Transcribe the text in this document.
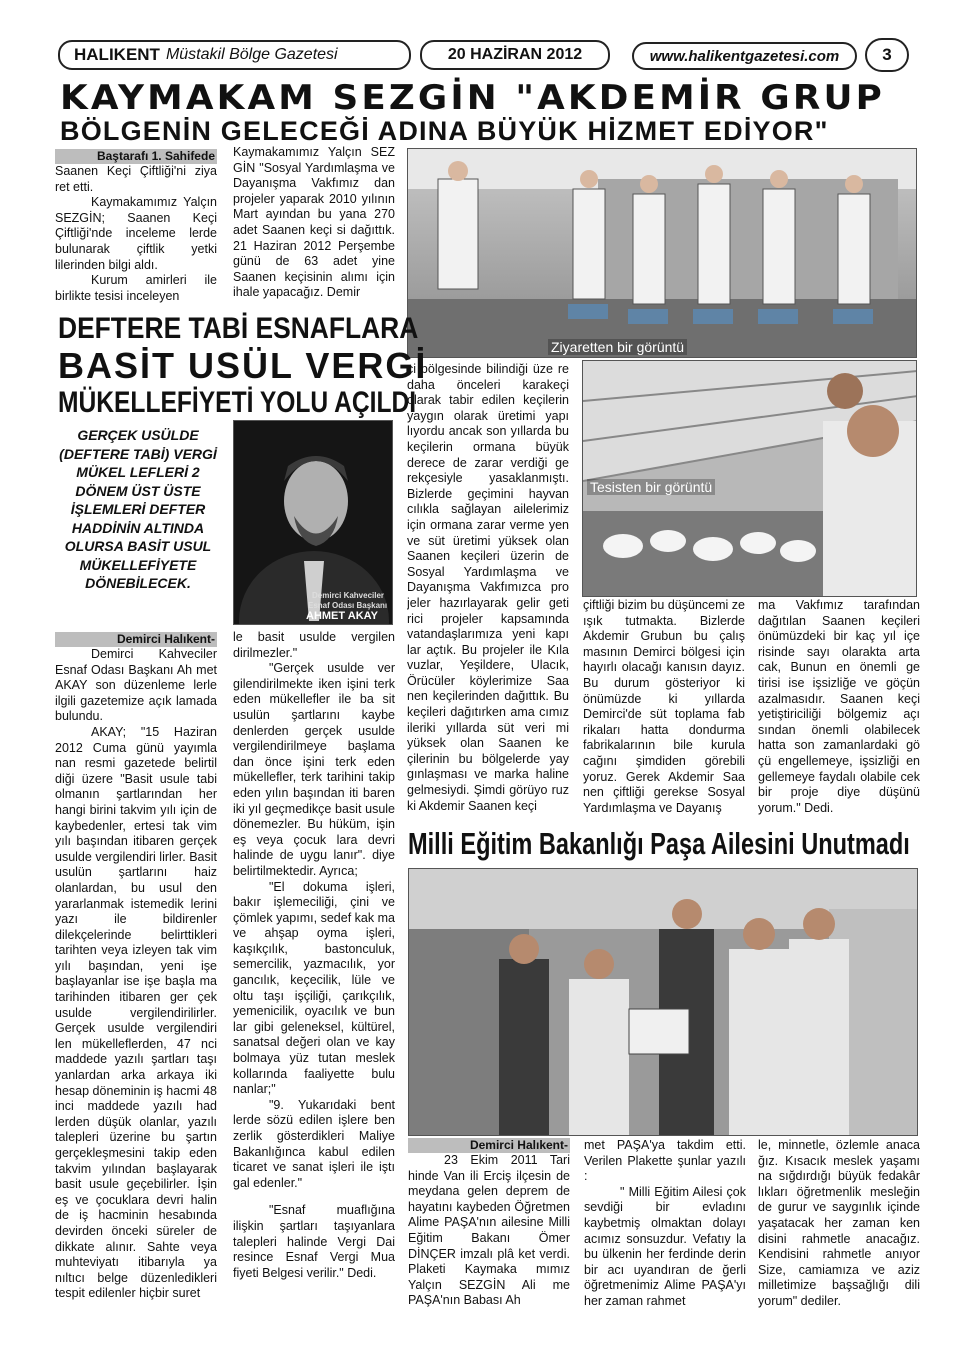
HALIKENT Müstakil Bölge Gazetesi	20 HAZİRAN 2012	www.halikentgazetesi.com	3
KAYMAKAM SEZGİN "AKDEMİR GRUP
BÖLGENİN GELECEĞİ ADINA BÜYÜK HİZMET EDİYOR"
Baştarafı 1. Sahifede

Saanen Keçi Çiftliği'ni ziya ret etti.

Kaymakamımız Yalçın SEZGİN; Saanen Keçi Çiftliği'nde inceleme lerde bulunarak çiftlik yetki lilerinden bilgi aldı.

Kurum amirleri ile birlikte tesisi inceleyen

Kaymakamımız Yalçın SEZ GİN "Sosyal Yardımlaşma ve Dayanışma Vakfımız dan projeler yaparak 2010 yılının Mart ayından bu yana 270 adet Saanen keçi si dağıttık. 21 Haziran 2012 Perşembe günü de 63 adet yine Saanen keçisinin alımı için ihale yapacağız. Demir

Ziyaretten bir görüntü
Tesisten bir görüntü

ci bölgesinde bilindiği üze re daha önceleri karakeçi olarak tabir edilen keçilerin yaygın olarak üretimi yapı lıyordu ancak son yıllarda bu keçilerin ormana büyük derece de zarar verdiği ge rekçesiyle yasaklanmıştı. Bizlerde geçimini hayvan cılıkla sağlayan ailelerimiz için ormana zarar verme yen ve süt üretimi yüksek olan Saanen keçileri üzerin de Sosyal Yardımlaşma ve Dayanışma Vakfımızca pro jeler hazırlayarak gelir geti rici projeler kapsamında vatandaşlarımıza yeni kapı lar açtık. Bu projeler ile Kıla vuzlar, Yeşildere, Ulacık, Örücüler köylerimize Saa nen keçilerinden dağıttık. Bu keçileri dağıtırken ama cımız ileriki yıllarda süt veri mi yüksek olan Saanen ke çilerinin bu bölgelerde yay gınlaşması ve marka haline gelmesiydi. Şimdi görüyo ruz ki Akdemir Saanen keçi

çiftliği bizim bu düşüncemi ze ışık tutmakta. Bizlerde Akdemir Grubun bu çalış masının Demirci bölgesi için hayırlı olacağı kanısın dayız. Bu durum gösteriyor ki önümüzde ki yıllarda Demirci'de süt toplama fab rikaları hatta dondurma fabrikalarının bile kurula cağını şimdiden görebili yoruz. Gerek Akdemir Saa nen çiftliği gerekse Sosyal Yardımlaşma ve Dayanış

ma Vakfımız tarafından dağıtılan Saanen keçileri önümüzdeki bir kaç yıl içe risinde sayı olarakta arta cak, Bunun en önemli ge tirisi ise işsizliğe ve göçün azalmasıdır. Saanen keçi yetiştiriciliği bölgemiz açı sından önemli olabilecek hatta son zamanlardaki gö çü engellemeye, işsizliği en gellemeye faydalı olabile cek bir proje diye düşünü yorum." Dedi.

DEFTERE TABİ ESNAFLARA
BASİT USÜL VERGİ
MÜKELLEFİYETİ YOLU AÇILDI
GERÇEK USÜLDE (DEFTERE TABİ) VERGİ MÜKEL LEFLERİ 2 DÖNEM ÜST ÜSTE İŞLEMLERİ DEFTER HADDİNİN ALTINDA OLURSA BASİT USUL MÜKELLEFİYETE DÖNEBİLECEK.
Demirci Kahveciler
Esnaf Odası Başkanı
AHMET AKAY
Demirci Halıkent-

Demirci Kahveciler Esnaf Odası Başkanı Ah met AKAY son düzenleme lerle ilgili gazetemize açık lamada bulundu.

AKAY; "15 Haziran 2012 Cuma günü yayımla nan resmi gazetede belirtil diği üzere "Basit usule tabi olmanın şartlarından her hangi birini takvim yılı için de kaybedenler, ertesi tak vim yılı başından itibaren gerçek usulde vergilendiri lirler. Basit usulün şartlarını haiz olanlardan, bu usul den yararlanmak istemedik lerini yazı ile bildirenler dilekçelerinde belirttikleri tarihten veya izleyen tak vim yılı başından, yeni işe başlayanlar ise işe başla ma tarihinden itibaren ger çek usulde vergilendirilirler. Gerçek usulde vergilendiri len mükelleflerden, 47 nci maddede yazılı şartları taşı yanlardan arka arkaya iki hesap döneminin iş hacmi 48 inci maddede yazılı had lerden düşük olanlar, yazılı talepleri üzerine bu şartın gerçekleşmesini takip eden takvim yılından başlayarak basit usule geçebilirler. İşin eş ve çocuklara devri halin de iş hacminin hesabında devirden önceki süreler de dikkate alınır. Sahte veya muhteviyatı itibarıyla ya nıltıcı belge düzenledikleri tespit edilenler hiçbir suret

le basit usulde vergilen dirilmezler."

"Gerçek usulde ver gilendirilmekte iken işini terk eden mükellefler ile ba sit usulün şartlarını kaybe denlerden gerçek usulde vergilendirilmeye başlama dan önce işini terk eden mükellefler, terk tarihini takip eden yılın başından iti baren iki yıl geçmedikçe basit usule dönemezler. Bu hüküm, işin eş veya çocuk lara devri halinde de uygu lanır". diye belirtilmektedir. Ayrıca;

"El dokuma işleri, bakır işlemeciliği, çini ve çömlek yapımı, sedef kak ma ve ahşap oyma işleri, kaşıkçılık, bastonculuk, semercilik, yazmacılık, yor gancılık, keçecilik, lüle ve oltu taşı işçiliği, çarıkçılık, yemenicilik, oyacılık ve bun lar gibi geleneksel, kültürel, sanatsal değeri olan ve kay bolmaya yüz tutan meslek kollarında faaliyette bulu nanlar;"

"9. Yukarıdaki bent lerde sözü edilen işlere ben zerlik gösterdikleri Maliye Bakanlığınca kabul edilen ticaret ve sanat işleri ile iştı gal edenler."

"Esnaf muaflığına ilişkin şartları taşıyanlara talepleri halinde Vergi Dai resince Esnaf Vergi Mua fiyeti Belgesi verilir." Dedi.

Milli Eğitim Bakanlığı Paşa Ailesini Unutmadı
Demirci Halıkent-

23 Ekim 2011 Tari hinde Van ili Erciş ilçesin de meydana gelen deprem de hayatını kaybeden Öğretmen Alime PAŞA'nın ailesine Milli Eğitim Bakanı Ömer DİNÇER imzalı plâ ket verdi. Plaketi Kaymaka mımız Yalçın SEZGİN Ali me PAŞA'nın Babası Ah

met PAŞA'ya takdim etti. Verilen Plakette şunlar yazılı :

" Milli Eğitim Ailesi çok sevdiği bir evladını kaybetmiş olmaktan dolayı acımız sonsuzdur. Vefatıy la bu ülkenin her ferdinde derin bir acı uyandıran de ğerli öğretmenimiz Alime PAŞA'yı her zaman rahmet

le, minnetle, özlemle anaca ğız. Kısacık meslek yaşamı na sığdırdığı büyük fedakâr lıkları öğretmenlik mesleğin de gurur ve saygınlık içinde yaşatacak her zaman ken disini rahmetle anacağız. Kendisini rahmetle anıyor Size, camiamıza ve aziz milletimize başsağlığı dili yorum" dediler.
